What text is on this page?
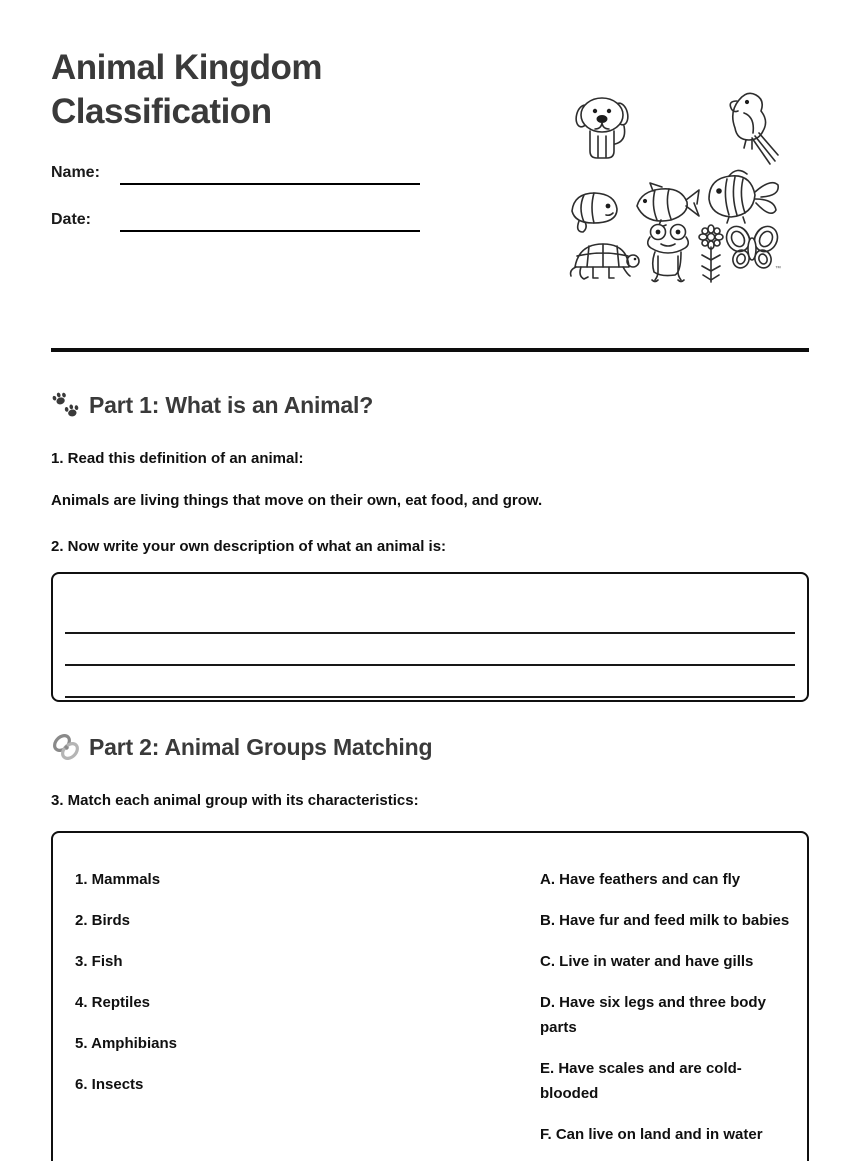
Animal Kingdom Classification
Name:
Date:
™
Part 1: What is an Animal?

1. Read this definition of an animal:

Animals are living things that move on their own, eat food, and grow.

2. Now write your own description of what an animal is:

Part 2: Animal Groups Matching

3. Match each animal group with its characteristics:

1. Mammals
2. Birds
3. Fish
4. Reptiles
5. Amphibians
6. Insects
A. Have feathers and can fly
B. Have fur and feed milk to babies
C. Live in water and have gills
D. Have six legs and three body parts
E. Have scales and are cold-blooded
F. Can live on land and in water
